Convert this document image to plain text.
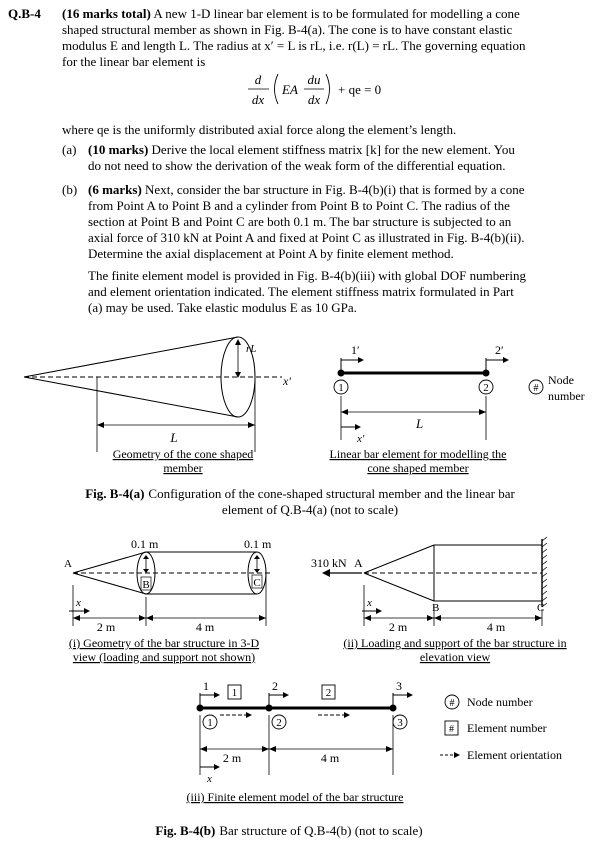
Q.B-4 (16 marks total) A new 1-D linear bar element is to be formulated for modelling a cone
shaped structural member as shown in Fig. B-4(a). The cone is to have constant elastic
modulus E and length L. The radius at x′ = L is rL, i.e. r(L) = rL. The governing equation
for the linear bar element is
d
dx
EA
du
dx
+ qe = 0
where qe is the uniformly distributed axial force along the element’s length.
(a) (10 marks) Derive the local element stiffness matrix [k] for the new element. You
do not need to show the derivation of the weak form of the differential equation.
(b) (6 marks) Next, consider the bar structure in Fig. B-4(b)(i) that is formed by a cone
from Point A to Point B and a cylinder from Point B to Point C. The radius of the
section at Point B and Point C are both 0.1 m. The bar structure is subjected to an
axial force of 310 kN at Point A and fixed at Point C as illustrated in Fig. B-4(b)(ii).
Determine the axial displacement at Point A by finite element method.
The finite element model is provided in Fig. B-4(b)(iii) with global DOF numbering
and element orientation indicated. The element stiffness matrix formulated in Part
(a) may be used. Take elastic modulus E as 10 GPa.
rL
x′
L
Geometry of the cone shaped
member
1′	2′
1	2	#
Node
number
L
x′
Linear bar element for modelling the
cone shaped member
Fig. B-4(a) Configuration of the cone-shaped structural member and the linear bar
element of Q.B-4(a) (not to scale)
0.1 m	0.1 m
A
B	C
x
2 m	4 m
(i) Geometry of the bar structure in 3-D
view (loading and support not shown)
310 kN A
B	C
x
2 m	4 m
(ii) Loading and support of the bar structure in
elevation view
1	2	3
1	2
1	2	3
2 m	4 m
x
# Node number
# Element number
Element orientation
(iii) Finite element model of the bar structure
Fig. B-4(b) Bar structure of Q.B-4(b) (not to scale)
